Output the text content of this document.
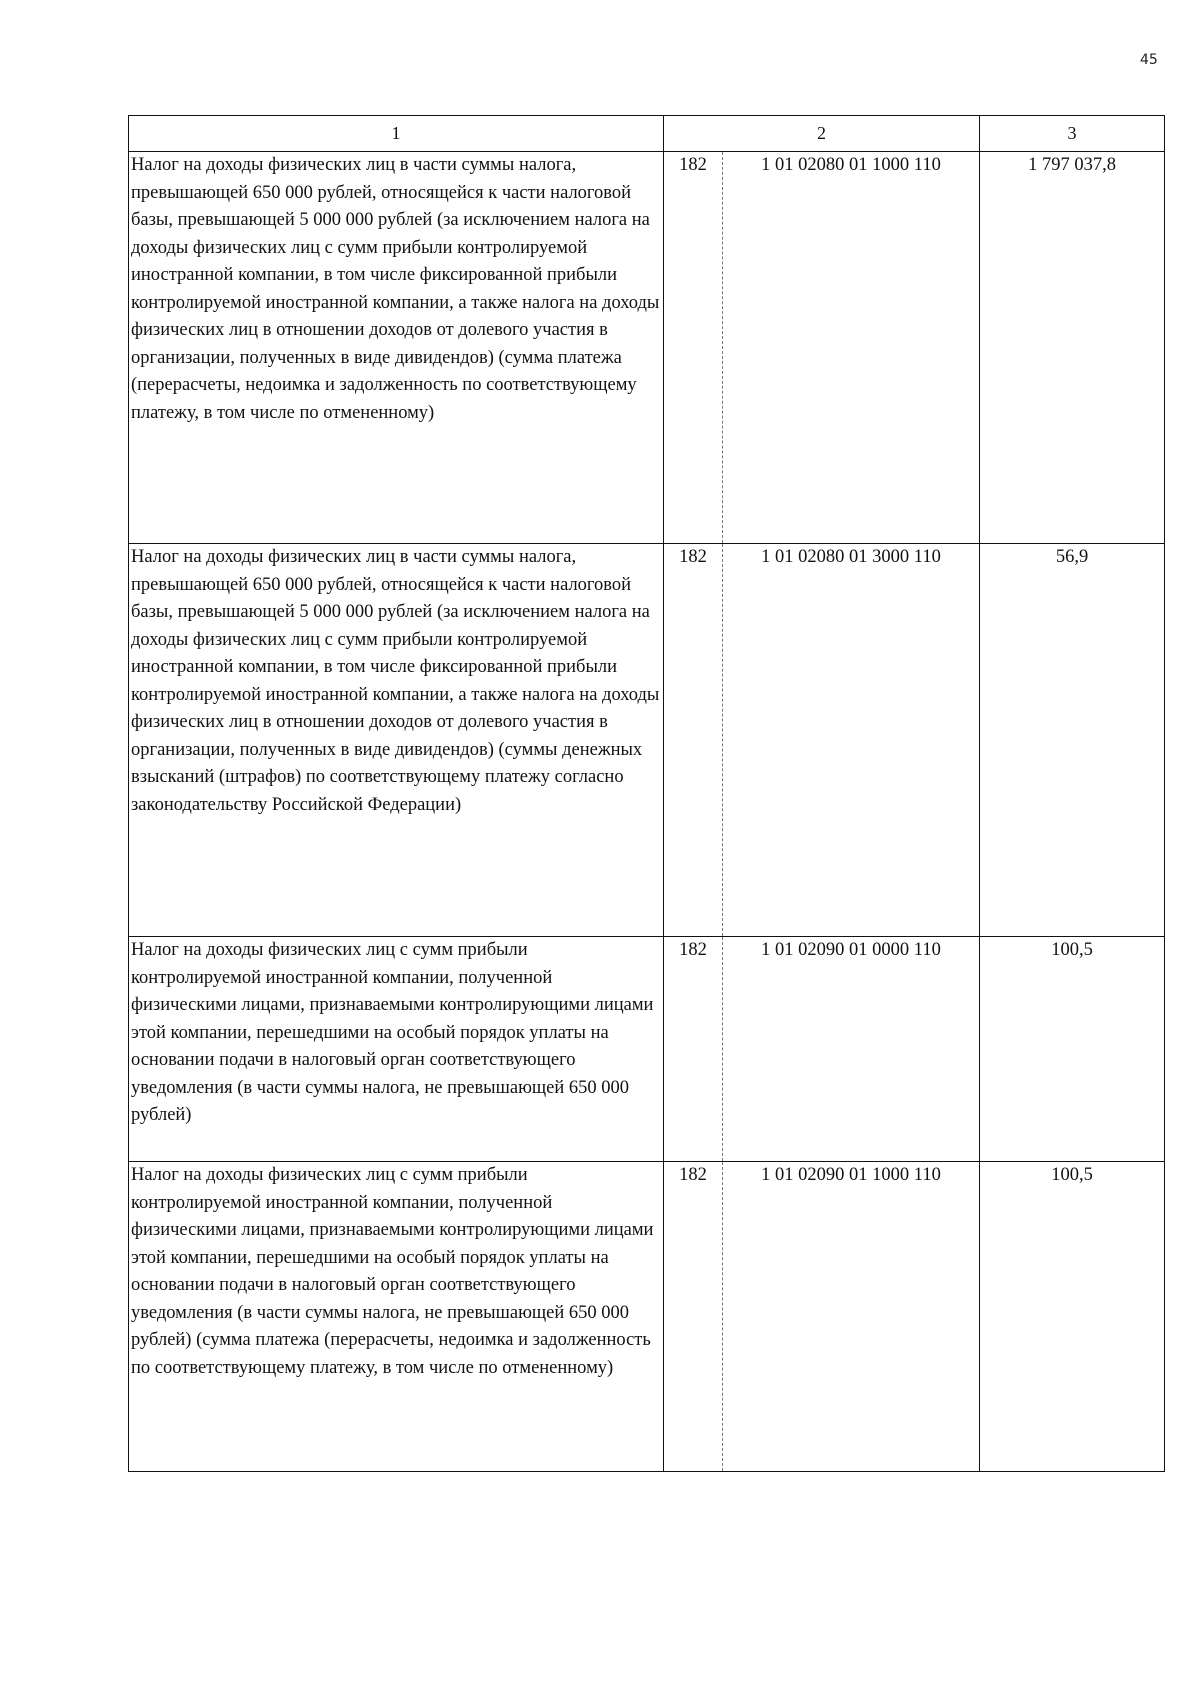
45
1	2	3

Налог на доходы физических лиц в части суммы налога, превышающей 650 000 рублей, относящейся к части налоговой базы, превышающей 5 000 000 рублей (за исключением налога на доходы физических лиц с сумм прибыли контролируемой иностранной компании, в том числе фиксированной прибыли контролируемой иностранной компании, а также налога на доходы физических лиц в отношении доходов от долевого участия в организации, полученных в виде дивидендов) (сумма платежа (перерасчеты, недоимка и задолженность по соответствующему платежу, в том числе по отмененному)	182 1 01 02080 01 1000 110	1 797 037,8

Налог на доходы физических лиц в части суммы налога, превышающей 650 000 рублей, относящейся к части налоговой базы, превышающей 5 000 000 рублей (за исключением налога на доходы физических лиц с сумм прибыли контролируемой иностранной компании, в том числе фиксированной прибыли контролируемой иностранной компании, а также налога на доходы физических лиц в отношении доходов от долевого участия в организации, полученных в виде дивидендов) (суммы денежных взысканий (штрафов) по соответствующему платежу согласно законодательству Российской Федерации)	182 1 01 02080 01 3000 110	56,9

Налог на доходы физических лиц с сумм прибыли контролируемой иностранной компании, полученной физическими лицами, признаваемыми контролирующими лицами этой компании, перешедшими на особый порядок уплаты на основании подачи в налоговый орган соответствующего уведомления (в части суммы налога, не превышающей 650 000 рублей)	182 1 01 02090 01 0000 110	100,5

Налог на доходы физических лиц с сумм прибыли контролируемой иностранной компании, полученной физическими лицами, признаваемыми контролирующими лицами этой компании, перешедшими на особый порядок уплаты на основании подачи в налоговый орган соответствующего уведомления (в части суммы налога, не превышающей 650 000 рублей) (сумма платежа (перерасчеты, недоимка и задолженность по соответствующему платежу, в том числе по отмененному)	182 1 01 02090 01 1000 110	100,5
